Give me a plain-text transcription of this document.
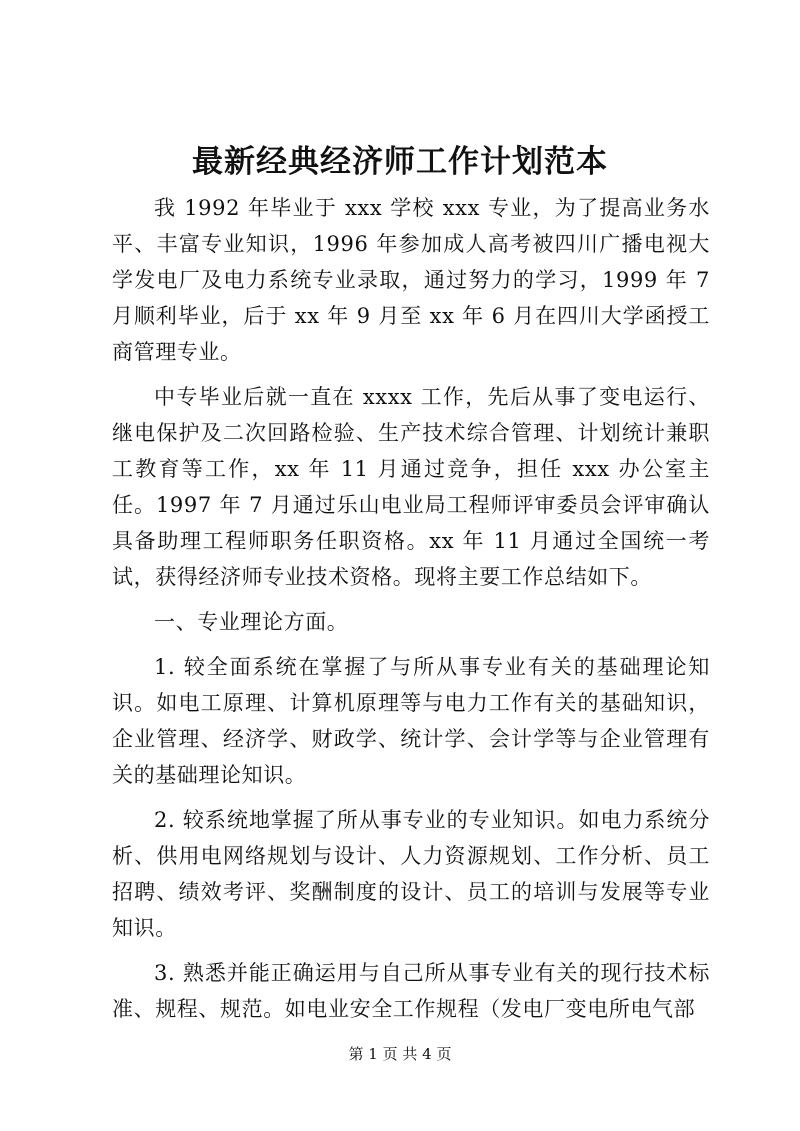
最新经典经济师工作计划范本

我 1992 年毕业于 xxx 学校 xxx 专业，为了提高业务水平、丰富专业知识，1996 年参加成人高考被四川广播电视大学发电厂及电力系统专业录取，通过努力的学习，1999 年 7 月顺利毕业，后于 xx 年 9 月至 xx 年 6 月在四川大学函授工商管理专业。

中专毕业后就一直在 xxxx 工作，先后从事了变电运行、继电保护及二次回路检验、生产技术综合管理、计划统计兼职工教育等工作，xx 年 11 月通过竞争，担任 xxx 办公室主任。1997 年 7 月通过乐山电业局工程师评审委员会评审确认具备助理工程师职务任职资格。xx 年 11 月通过全国统一考试，获得经济师专业技术资格。现将主要工作总结如下。

一、专业理论方面。

1. 较全面系统在掌握了与所从事专业有关的基础理论知识。如电工原理、计算机原理等与电力工作有关的基础知识，企业管理、经济学、财政学、统计学、会计学等与企业管理有关的基础理论知识。

2. 较系统地掌握了所从事专业的专业知识。如电力系统分析、供用电网络规划与设计、人力资源规划、工作分析、员工招聘、绩效考评、奖酬制度的设计、员工的培训与发展等专业知识。

3. 熟悉并能正确运用与自己所从事专业有关的现行技术标准、规程、规范。如电业安全工作规程（发电厂变电所电气部

第 1 页 共 4 页
